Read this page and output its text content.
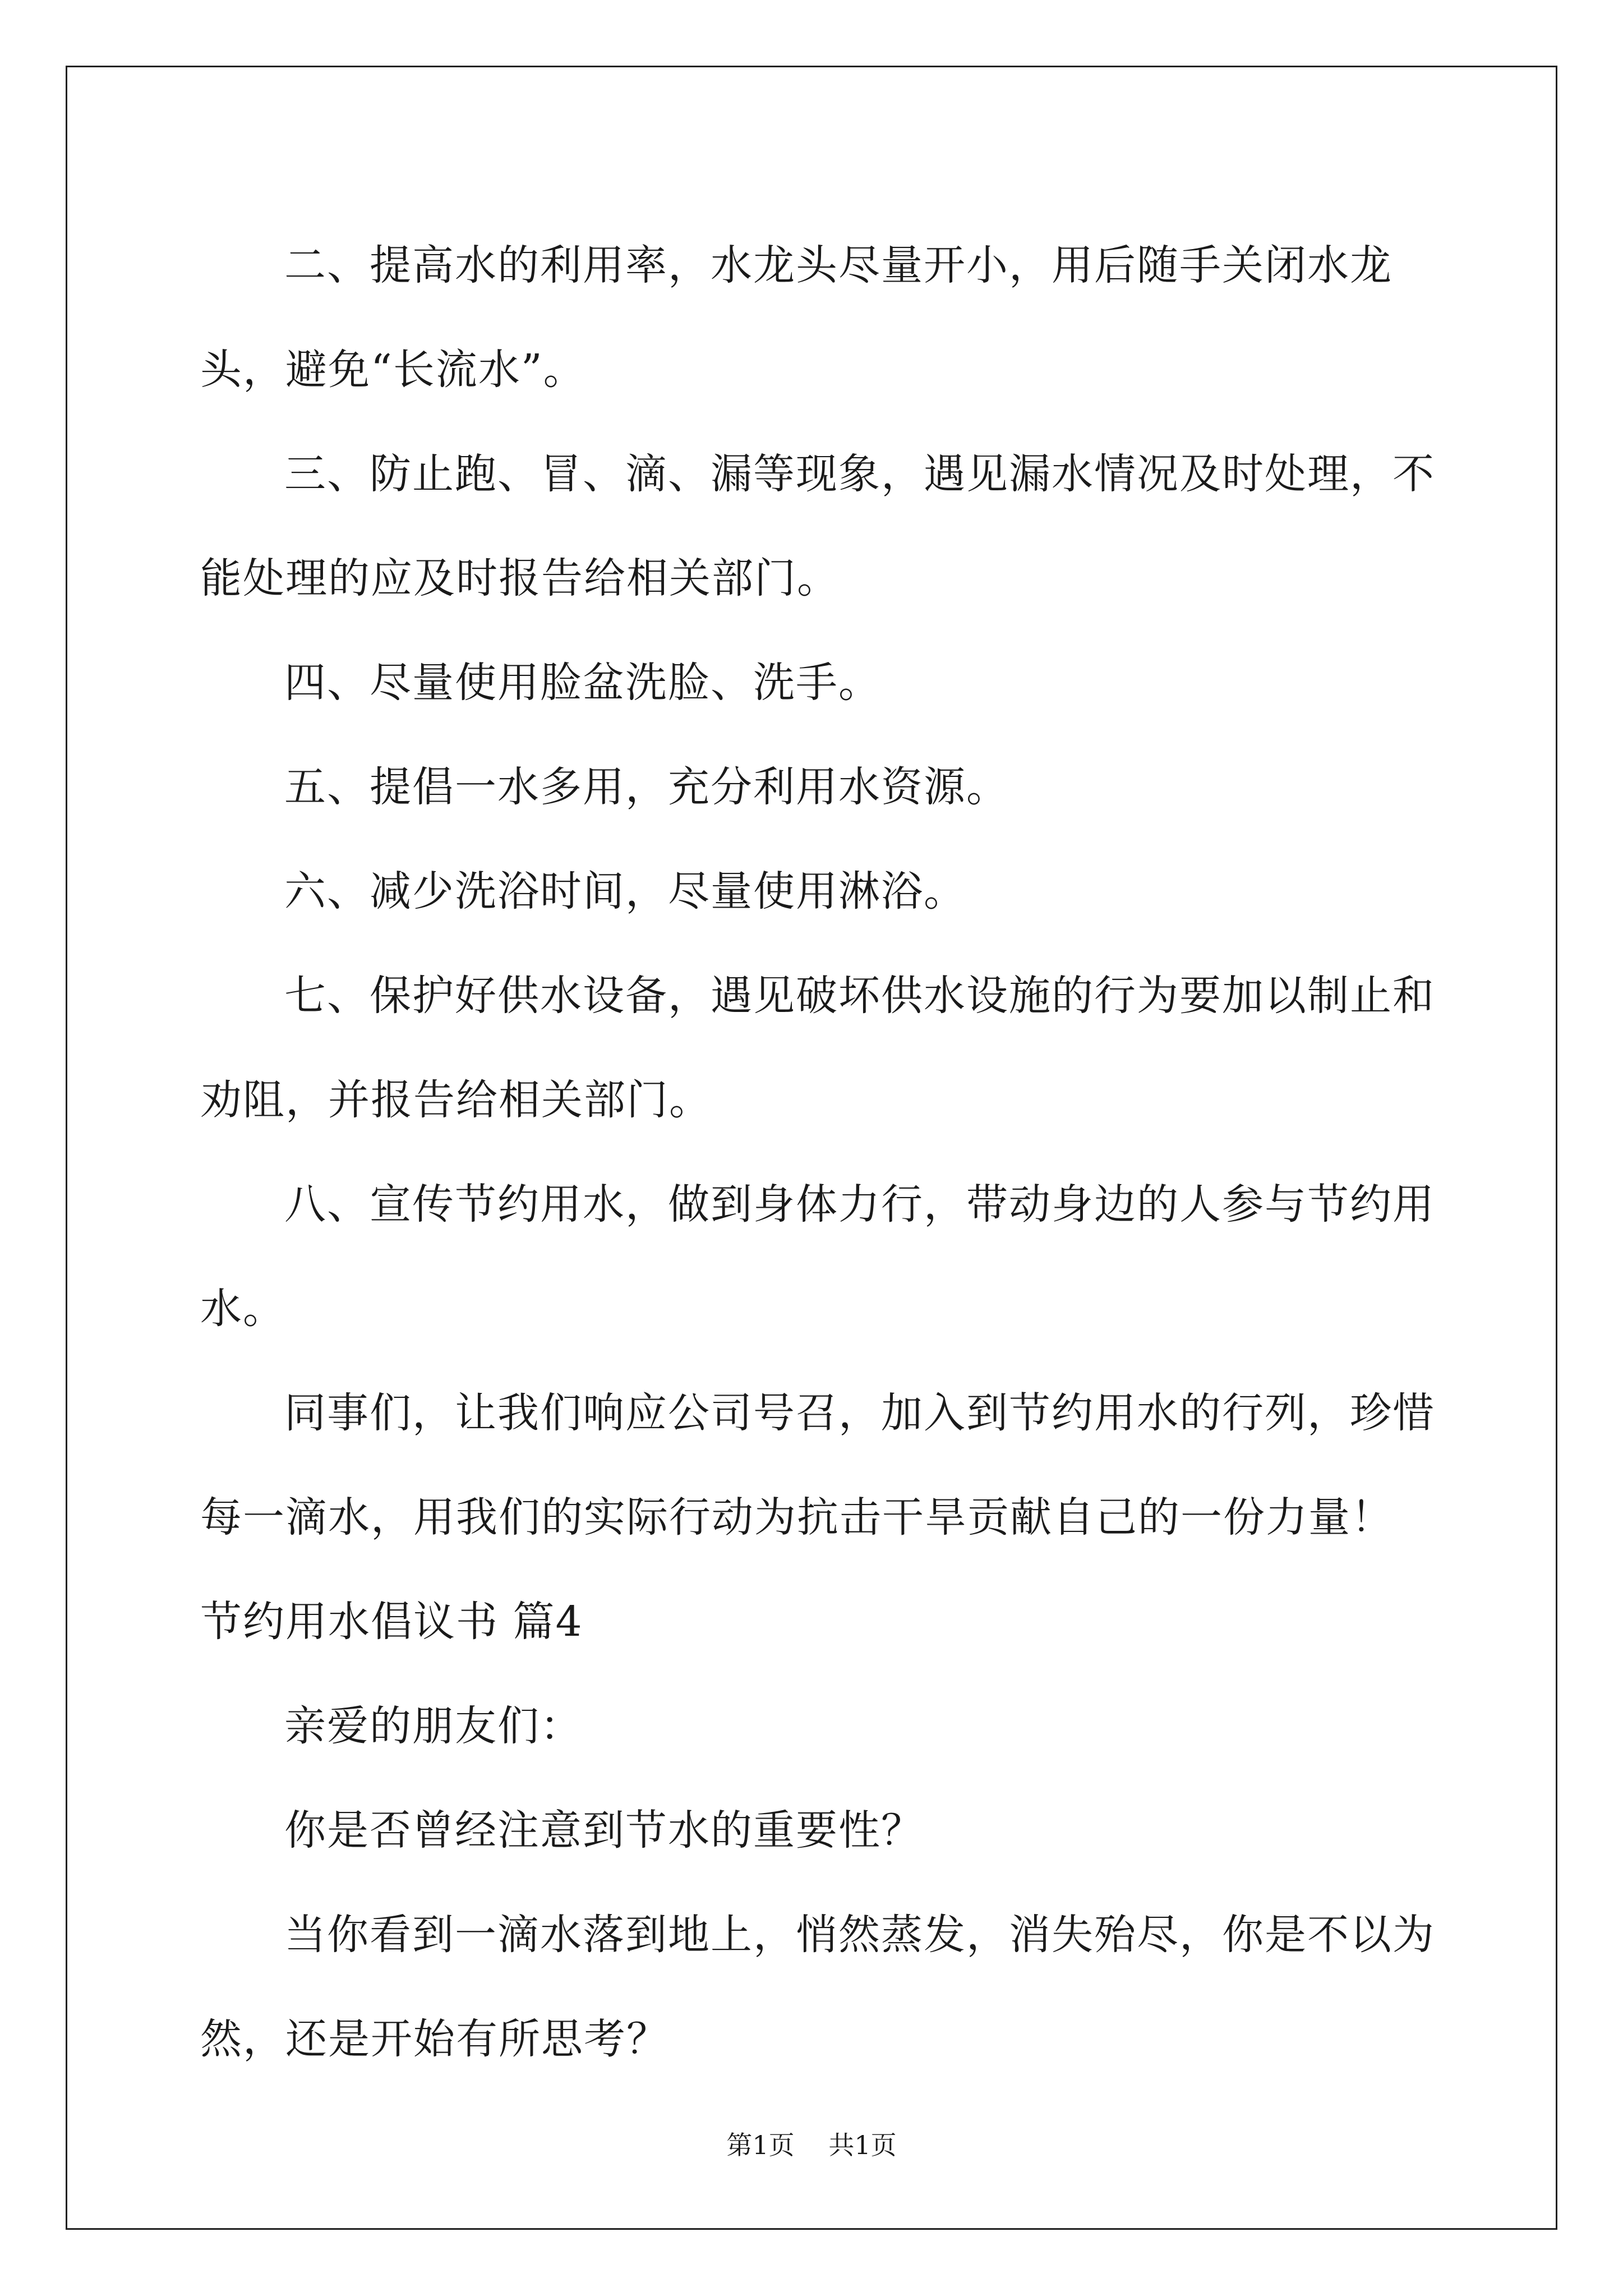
二、提高水的利用率，水龙头尽量开小，用后随手关闭水龙头，避免“长流水”。

三、防止跑、冒、滴、漏等现象，遇见漏水情况及时处理，不能处理的应及时报告给相关部门。

四、尽量使用脸盆洗脸、洗手。

五、提倡一水多用，充分利用水资源。

六、减少洗浴时间，尽量使用淋浴。

七、保护好供水设备，遇见破坏供水设施的行为要加以制止和劝阻，并报告给相关部门。

八、宣传节约用水，做到身体力行，带动身边的人参与节约用水。

同事们，让我们响应公司号召，加入到节约用水的行列，珍惜每一滴水，用我们的实际行动为抗击干旱贡献自己的一份力量！

节约用水倡议书 篇4

亲爱的朋友们：

你是否曾经注意到节水的重要性？

当你看到一滴水落到地上，悄然蒸发，消失殆尽，你是不以为然，还是开始有所思考？

第1页 共1页
